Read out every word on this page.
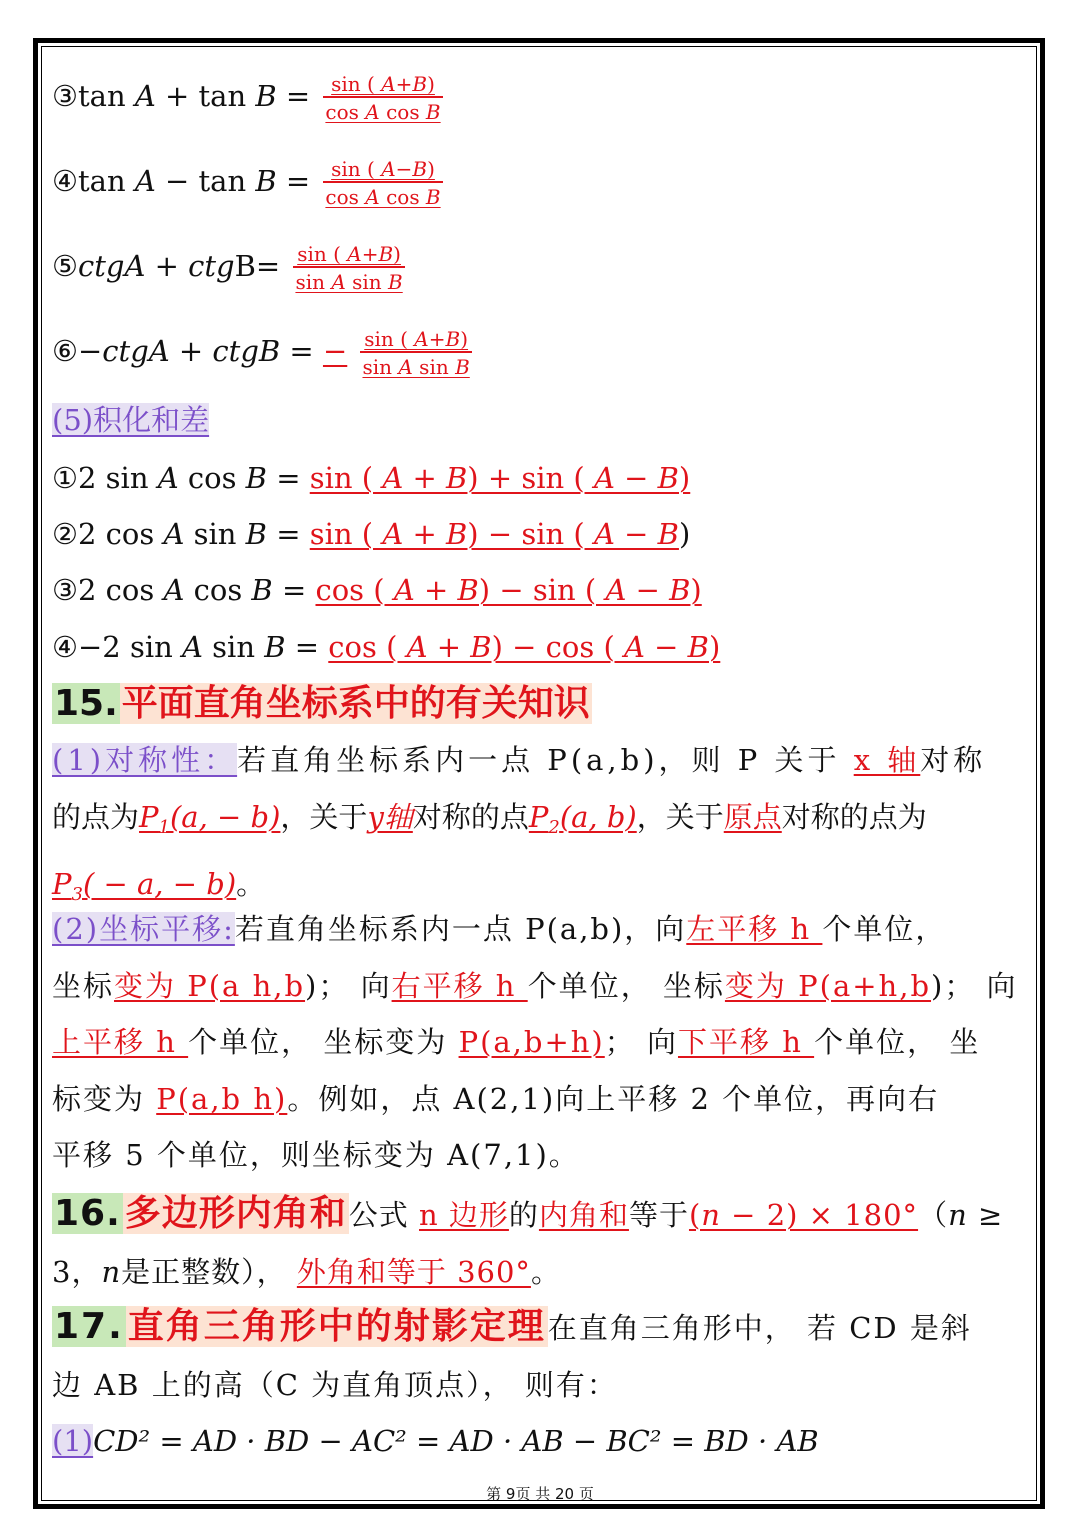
③tan 𝐴 + tan 𝐵 = $\frac{\text{sin ( 𝐴+𝐵)}}{\text{cos 𝐴 cos 𝐵}}$
④tan 𝐴 − tan 𝐵 = $\frac{\text{sin ( 𝐴−𝐵)}}{\text{cos 𝐴 cos 𝐵}}$
⑤𝑐𝑡𝑔𝐴 + 𝑐𝑡𝑔B= $\frac{\text{sin ( 𝐴+𝐵)}}{\text{sin 𝐴 sin 𝐵}}$
⑥−𝑐𝑡𝑔𝐴 + 𝑐𝑡𝑔𝐵 = − $\frac{\text{sin ( 𝐴+𝐵)}}{\text{sin 𝐴 sin 𝐵}}$
(5)积化和差
①2 sin 𝐴 cos 𝐵 = sin ( 𝐴 + 𝐵) + sin ( 𝐴 − 𝐵)
②2 cos 𝐴 sin 𝐵 = sin ( 𝐴 + 𝐵) − sin ( 𝐴 − 𝐵)
③2 cos 𝐴 cos 𝐵 = cos ( 𝐴 + 𝐵) − sin ( 𝐴 − 𝐵)
④−2 sin 𝐴 sin 𝐵 = cos ( 𝐴 + 𝐵) − cos ( 𝐴 − 𝐵)
15. 平面直角坐标系中的有关知识
(1)对称性：若直角坐标系内一点 P(a,b)，则 P 关于 x 轴对称
的点为𝑃$_1$(𝑎, − 𝑏)，关于𝑦轴对称的点𝑃$_2$(𝑎, 𝑏)，关于原点对称的点为
𝑃$_3$( − 𝑎, − 𝑏)。
(2)坐标平移:若直角坐标系内一点 P(a,b)，向左平移 h 个单位，
坐标变为 P(a h,b)； 向右平移 h 个单位， 坐标变为 P(a+h,b)； 向
上平移 h 个单位， 坐标变为 P(a,b+h)； 向下平移 h 个单位， 坐
标变为 P(a,b h)。例如，点 A(2,1)向上平移 2 个单位，再向右
平移 5 个单位，则坐标变为 A(7,1)。
16. 多边形内角和公式 n 边形的内角和等于(𝑛 − 2) × 180°（𝑛 ≥
3，𝑛是正整数）， 外角和等于 360°。
17. 直角三角形中的射影定理在直角三角形中， 若 CD 是斜
边 AB 上的高（C 为直角顶点）， 则有：
(1)𝐶𝐷² = 𝐴𝐷 · 𝐵𝐷 − 𝐴𝐶² = 𝐴𝐷 · 𝐴𝐵 − 𝐵𝐶² = 𝐵𝐷 · 𝐴𝐵
第 9页 共 20 页
